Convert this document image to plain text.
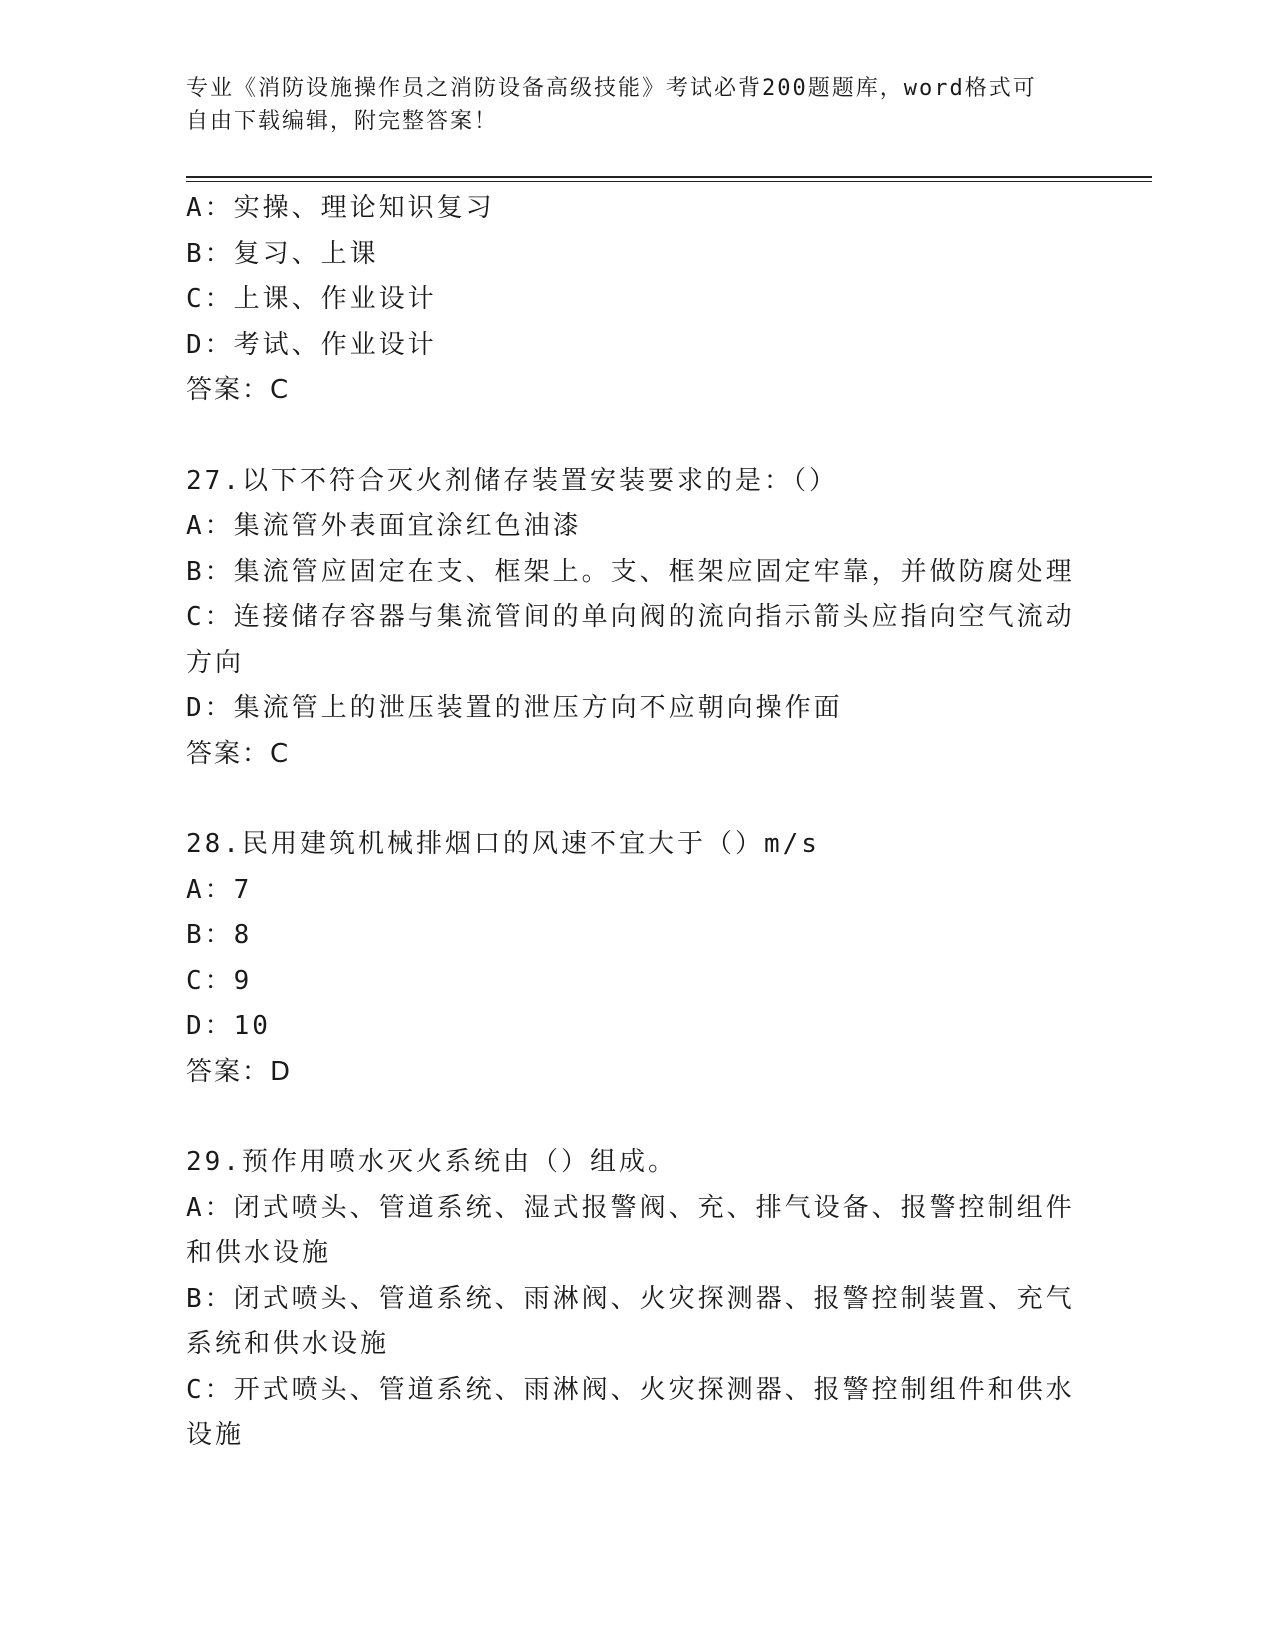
专业《消防设施操作员之消防设备高级技能》考试必背200题题库，word格式可
自由下载编辑，附完整答案！
A：实操、理论知识复习
B：复习、上课
C：上课、作业设计
D：考试、作业设计
答案：C
27.以下不符合灭火剂储存装置安装要求的是：（）
A：集流管外表面宜涂红色油漆
B：集流管应固定在支、框架上。支、框架应固定牢靠，并做防腐处理
C：连接储存容器与集流管间的单向阀的流向指示箭头应指向空气流动
方向
D：集流管上的泄压装置的泄压方向不应朝向操作面
答案：C
28.民用建筑机械排烟口的风速不宜大于（）m/s
A：7
B：8
C：9
D：10
答案：D
29.预作用喷水灭火系统由（）组成。
A：闭式喷头、管道系统、湿式报警阀、充、排气设备、报警控制组件
和供水设施
B：闭式喷头、管道系统、雨淋阀、火灾探测器、报警控制装置、充气
系统和供水设施
C：开式喷头、管道系统、雨淋阀、火灾探测器、报警控制组件和供水
设施
